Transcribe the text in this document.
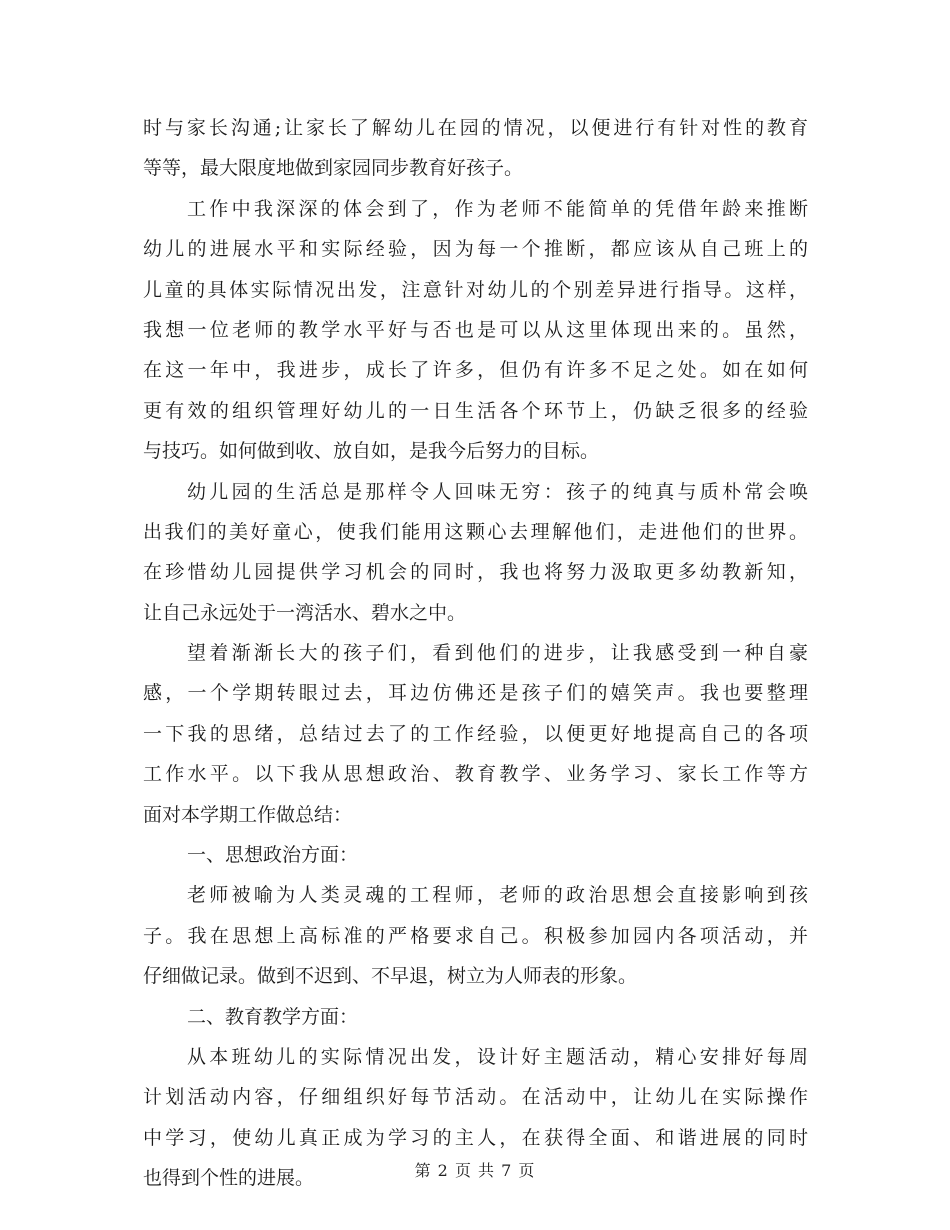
时与家长沟通;让家长了解幼儿在园的情况，以便进行有针对性的教育
等等，最大限度地做到家园同步教育好孩子。
工作中我深深的体会到了，作为老师不能简单的凭借年龄来推断
幼儿的进展水平和实际经验，因为每一个推断，都应该从自己班上的
儿童的具体实际情况出发，注意针对幼儿的个别差异进行指导。这样，
我想一位老师的教学水平好与否也是可以从这里体现出来的。虽然，
在这一年中，我进步，成长了许多，但仍有许多不足之处。如在如何
更有效的组织管理好幼儿的一日生活各个环节上，仍缺乏很多的经验
与技巧。如何做到收、放自如，是我今后努力的目标。
幼儿园的生活总是那样令人回味无穷：孩子的纯真与质朴常会唤
出我们的美好童心，使我们能用这颗心去理解他们，走进他们的世界。
在珍惜幼儿园提供学习机会的同时，我也将努力汲取更多幼教新知，
让自己永远处于一湾活水、碧水之中。
望着渐渐长大的孩子们，看到他们的进步，让我感受到一种自豪
感，一个学期转眼过去，耳边仿佛还是孩子们的嬉笑声。我也要整理
一下我的思绪，总结过去了的工作经验，以便更好地提高自己的各项
工作水平。以下我从思想政治、教育教学、业务学习、家长工作等方
面对本学期工作做总结：
一、思想政治方面：
老师被喻为人类灵魂的工程师，老师的政治思想会直接影响到孩
子。我在思想上高标准的严格要求自己。积极参加园内各项活动，并
仔细做记录。做到不迟到、不早退，树立为人师表的形象。
二、教育教学方面：
从本班幼儿的实际情况出发，设计好主题活动，精心安排好每周
计划活动内容，仔细组织好每节活动。在活动中，让幼儿在实际操作
中学习，使幼儿真正成为学习的主人，在获得全面、和谐进展的同时
也得到个性的进展。	第 2 页 共 7 页
